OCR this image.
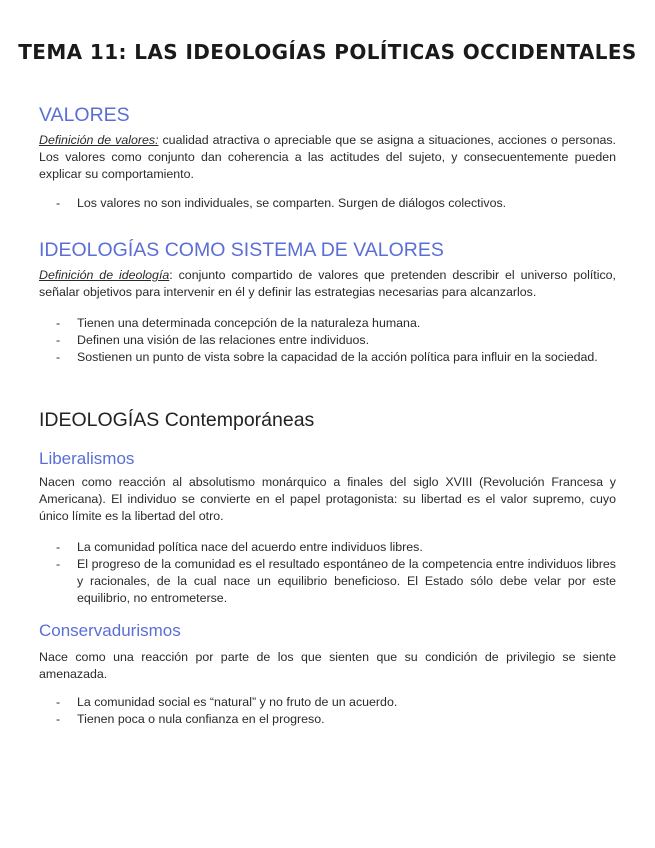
TEMA 11: LAS IDEOLOGÍAS POLÍTICAS OCCIDENTALES
VALORES

Definición de valores: cualidad atractiva o apreciable que se asigna a situaciones, acciones o personas. Los valores como conjunto dan coherencia a las actitudes del sujeto, y consecuentemente pueden explicar su comportamiento.

- Los valores no son individuales, se comparten. Surgen de diálogos colectivos.
IDEOLOGÍAS COMO SISTEMA DE VALORES

Definición de ideología: conjunto compartido de valores que pretenden describir el universo político, señalar objetivos para intervenir en él y definir las estrategias necesarias para alcanzarlos.

- Tienen una determinada concepción de la naturaleza humana.
- Definen una visión de las relaciones entre individuos.
- Sostienen un punto de vista sobre la capacidad de la acción política para influir en la sociedad.
IDEOLOGÍAS Contemporáneas
Liberalismos

Nacen como reacción al absolutismo monárquico a finales del siglo XVIII (Revolución Francesa y Americana). El individuo se convierte en el papel protagonista: su libertad es el valor supremo, cuyo único límite es la libertad del otro.

- La comunidad política nace del acuerdo entre individuos libres.
- El progreso de la comunidad es el resultado espontáneo de la competencia entre individuos libres y racionales, de la cual nace un equilibrio beneficioso. El Estado sólo debe velar por este equilibrio, no entrometerse.
Conservadurismos

Nace como una reacción por parte de los que sienten que su condición de privilegio se siente amenazada.

- La comunidad social es “natural” y no fruto de un acuerdo.
- Tienen poca o nula confianza en el progreso.
